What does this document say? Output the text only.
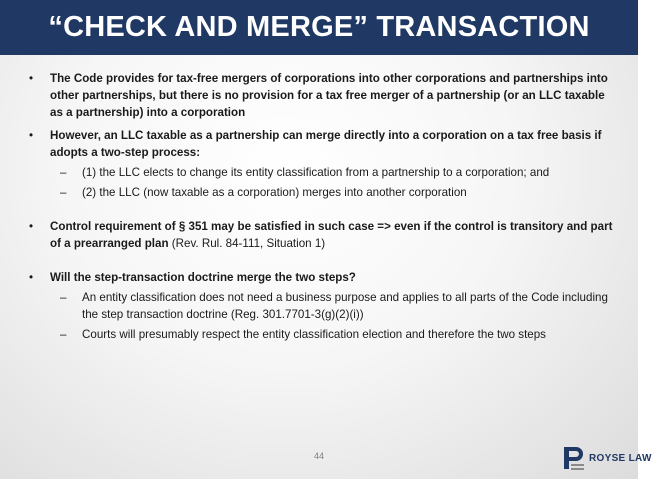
“CHECK AND MERGE” TRANSACTION
• The Code provides for tax-free mergers of corporations into other corporations and partnerships into other partnerships, but there is no provision for a tax free merger of a partnership (or an LLC taxable as a partnership) into a corporation
• However, an LLC taxable as a partnership can merge directly into a corporation on a tax free basis if adopts a two-step process:
– (1) the LLC elects to change its entity classification from a partnership to a corporation; and
– (2) the LLC (now taxable as a corporation) merges into another corporation
• Control requirement of § 351 may be satisfied in such case => even if the control is transitory and part of a prearranged plan (Rev. Rul. 84-111, Situation 1)
• Will the step-transaction doctrine merge the two steps?
– An entity classification does not need a business purpose and applies to all parts of the Code including the step transaction doctrine (Reg. 301.7701-3(g)(2)(i))
– Courts will presumably respect the entity classification election and therefore the two steps
44	ROYSE LAW
